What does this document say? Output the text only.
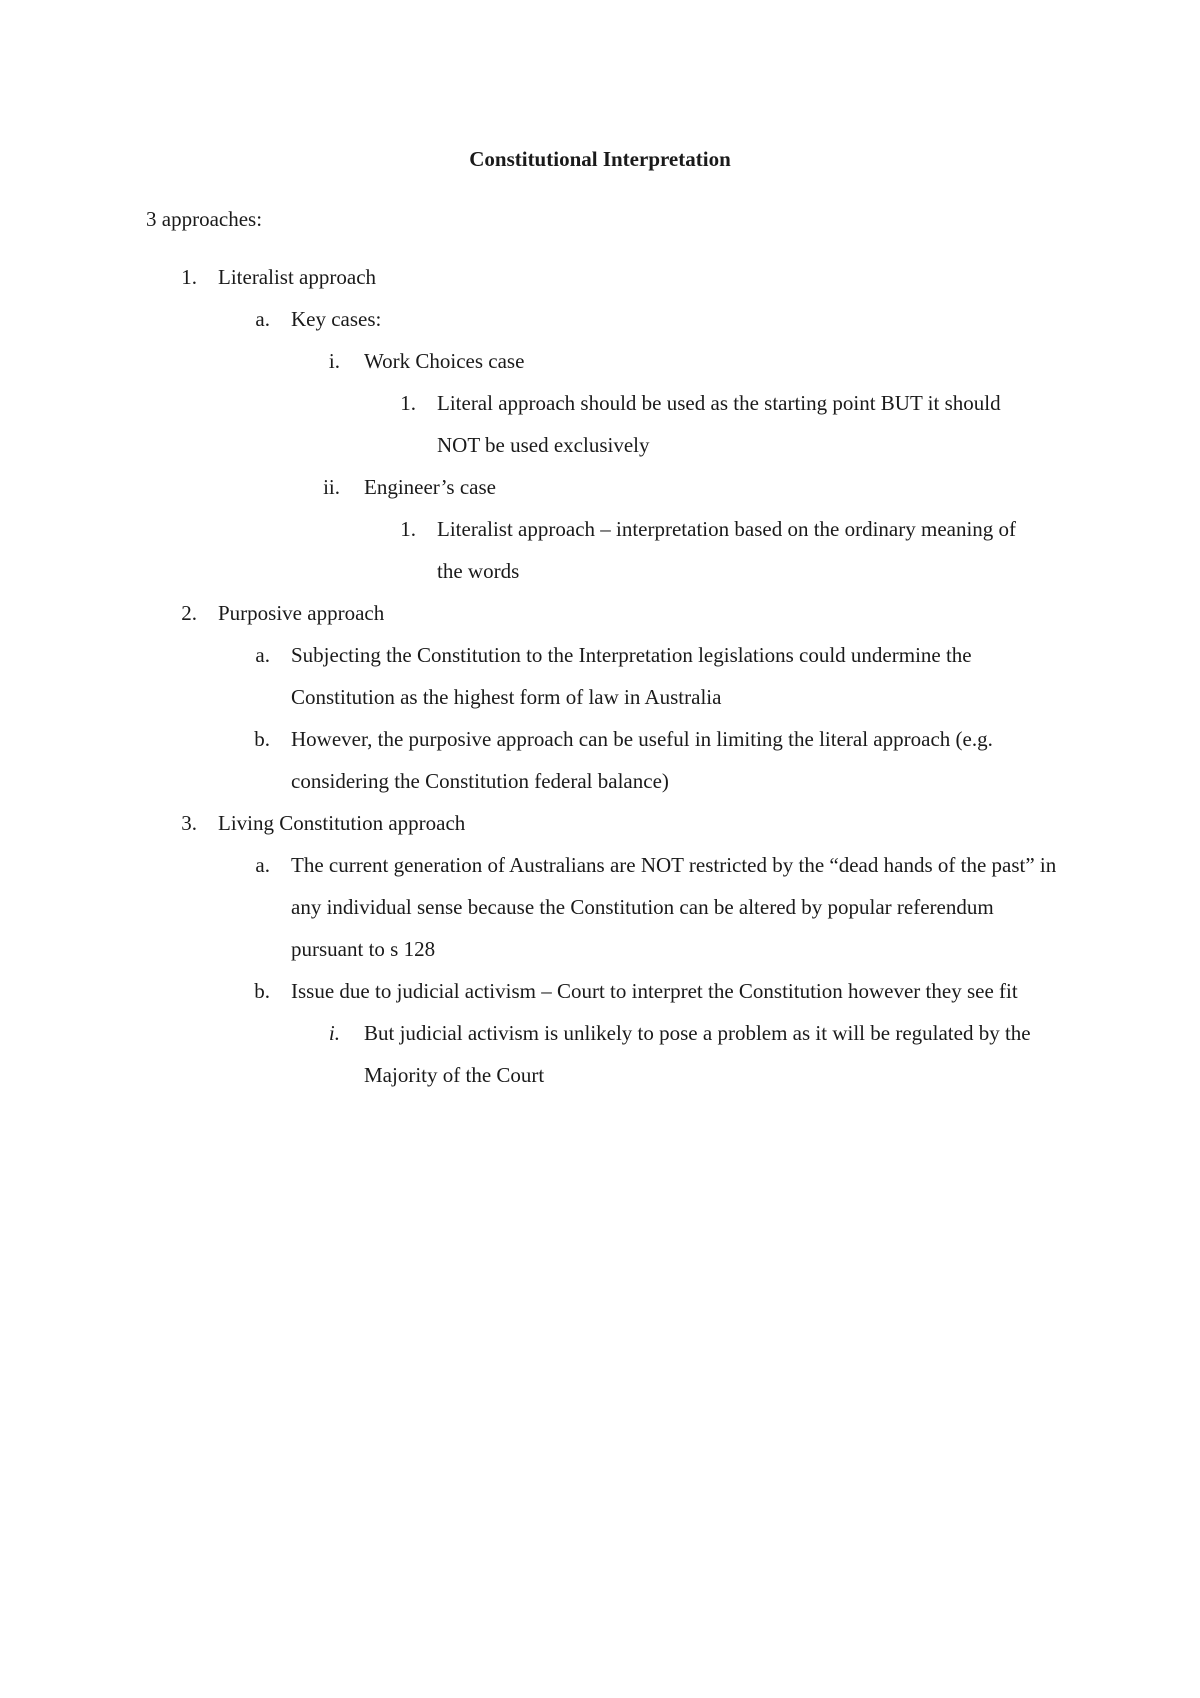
Constitutional Interpretation
3 approaches:
1. Literalist approach
a. Key cases:
i. Work Choices case
1. Literal approach should be used as the starting point BUT it should NOT be used exclusively
ii. Engineer’s case
1. Literalist approach – interpretation based on the ordinary meaning of the words
2. Purposive approach
a. Subjecting the Constitution to the Interpretation legislations could undermine the Constitution as the highest form of law in Australia
b. However, the purposive approach can be useful in limiting the literal approach (e.g. considering the Constitution federal balance)
3. Living Constitution approach
a. The current generation of Australians are NOT restricted by the “dead hands of the past” in any individual sense because the Constitution can be altered by popular referendum pursuant to s 128
b. Issue due to judicial activism – Court to interpret the Constitution however they see fit
i. But judicial activism is unlikely to pose a problem as it will be regulated by the Majority of the Court
